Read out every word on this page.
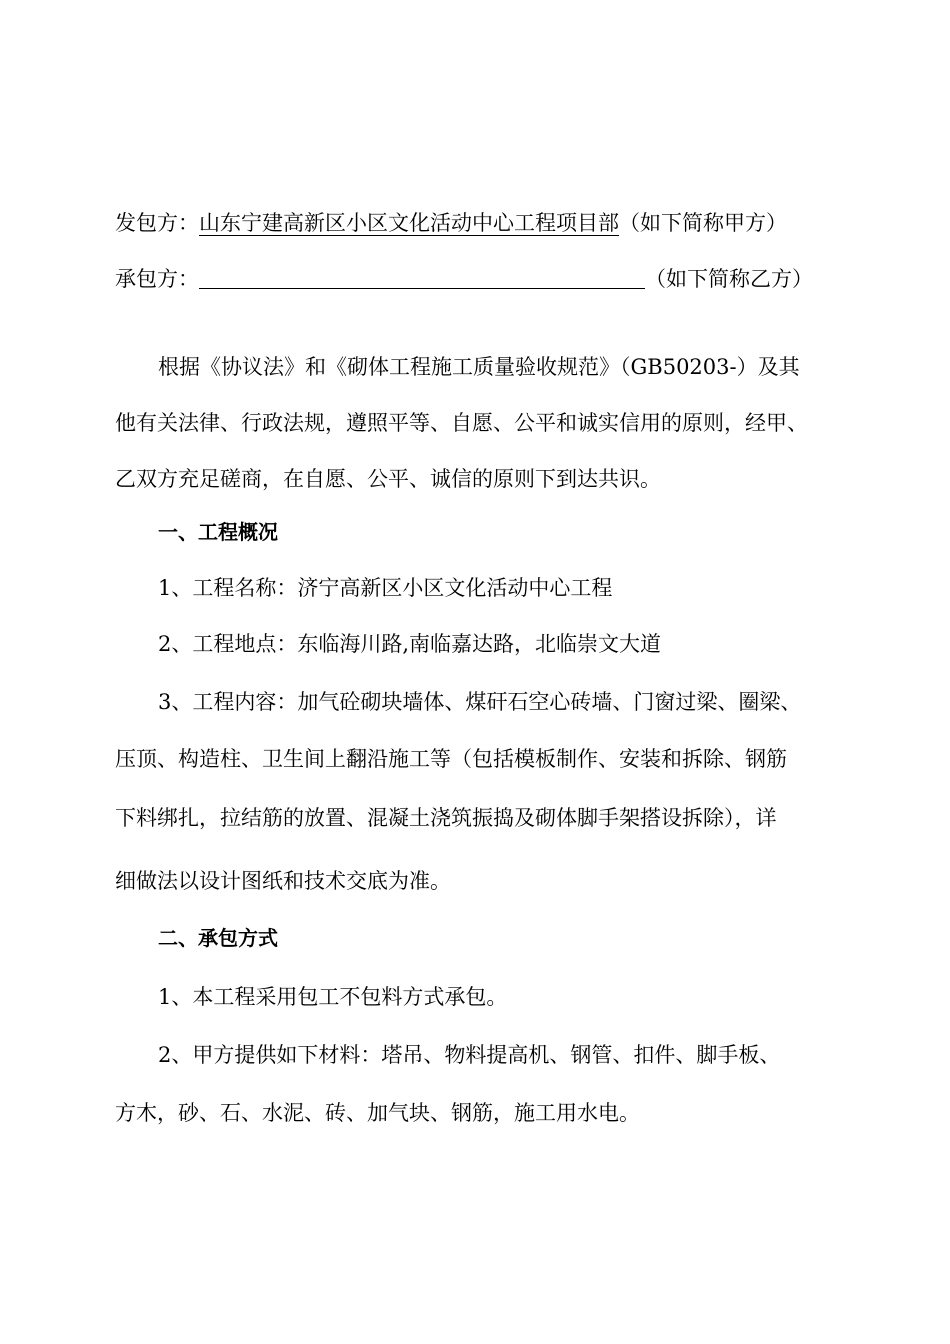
发包方：山东宁建高新区小区文化活动中心工程项目部（如下简称甲方）
承包方：	（如下简称乙方）
根据《协议法》和《砌体工程施工质量验收规范》（GB50203-）及其
他有关法律、行政法规，遵照平等、自愿、公平和诚实信用的原则，经甲、
乙双方充足磋商，在自愿、公平、诚信的原则下到达共识。
一、工程概况
1、工程名称：济宁高新区小区文化活动中心工程
2、工程地点：东临海川路,南临嘉达路，北临崇文大道
3、工程内容：加气砼砌块墙体、煤矸石空心砖墙、门窗过梁、圈梁、
压顶、构造柱、卫生间上翻沿施工等（包括模板制作、安装和拆除、钢筋
下料绑扎，拉结筋的放置、混凝土浇筑振捣及砌体脚手架搭设拆除），详
细做法以设计图纸和技术交底为准。
二、承包方式
1、本工程采用包工不包料方式承包。
2、甲方提供如下材料：塔吊、物料提高机、钢管、扣件、脚手板、
方木，砂、石、水泥、砖、加气块、钢筋，施工用水电。
